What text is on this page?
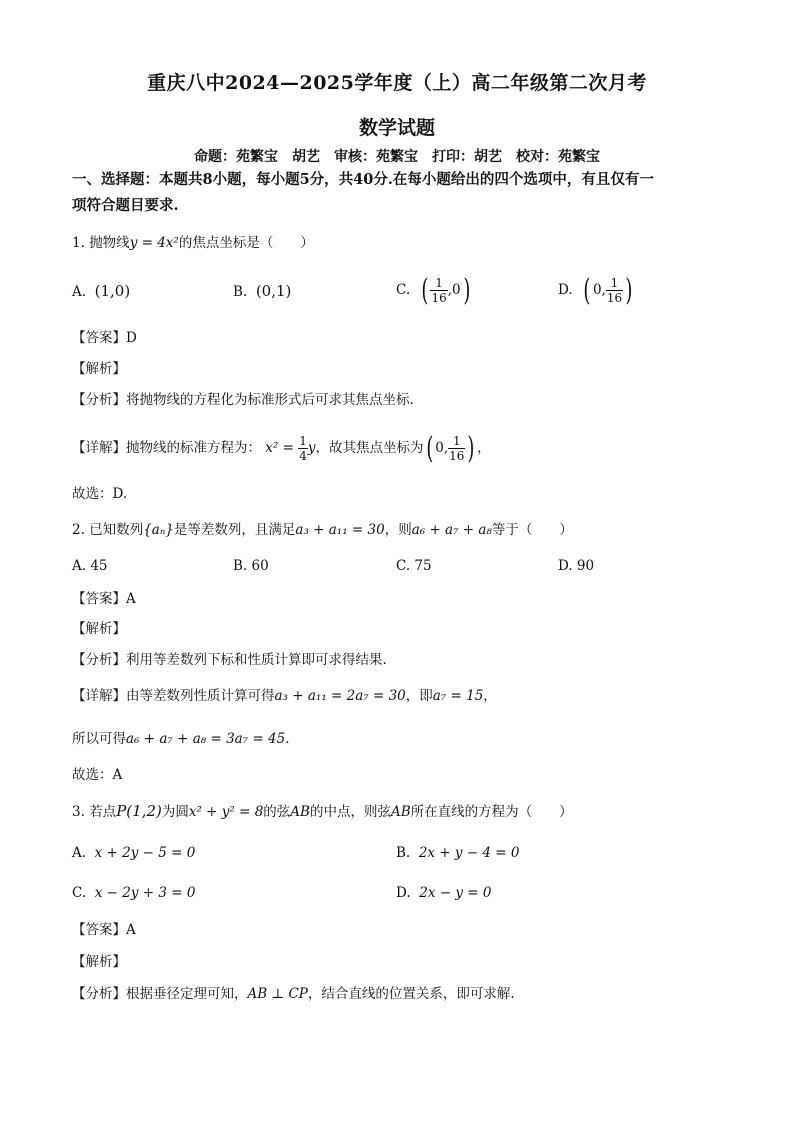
重庆八中2024—2025学年度（上）高二年级第二次月考
数学试题
命题：苑繁宝　胡艺　审核：苑繁宝　打印：胡艺　校对：苑繁宝
一、选择题：本题共8小题，每小题5分，共40分.在每小题给出的四个选项中，有且仅有一
项符合题目要求.
1. 抛物线y = 4x²的焦点坐标是（　　）
A. (1,0)	B. (0,1)	C. ( $\frac{1}{16} ,0$)	D. ( 0, $\frac{1}{16}$ )
【答案】D
【解析】
【分析】将抛物线的方程化为标准形式后可求其焦点坐标.
【详解】抛物线的标准方程为： $x^2 = \frac{1}{4}$ y，故其焦点坐标为( 0, $\frac{1}{16}$ ) ，
故选：D.
2. 已知数列{aₙ}是等差数列，且满足a₃ + a₁₁ = 30，则a₆ + a₇ + a₈等于（　　）
A. 45	B. 60	C. 75	D. 90
【答案】A
【解析】
【分析】利用等差数列下标和性质计算即可求得结果.
【详解】由等差数列性质计算可得a₃ + a₁₁ = 2a₇ = 30，即a₇ = 15，
所以可得a₆ + a₇ + a₈ = 3a₇ = 45.
故选：A
3. 若点P(1,2)为圆x² + y² = 8的弦AB的中点，则弦AB所在直线的方程为（　　）
A. x + 2y − 5 = 0	B. 2x + y − 4 = 0
C. x − 2y + 3 = 0	D. 2x − y = 0
【答案】A
【解析】
【分析】根据垂径定理可知，AB ⊥ CP，结合直线的位置关系，即可求解.
